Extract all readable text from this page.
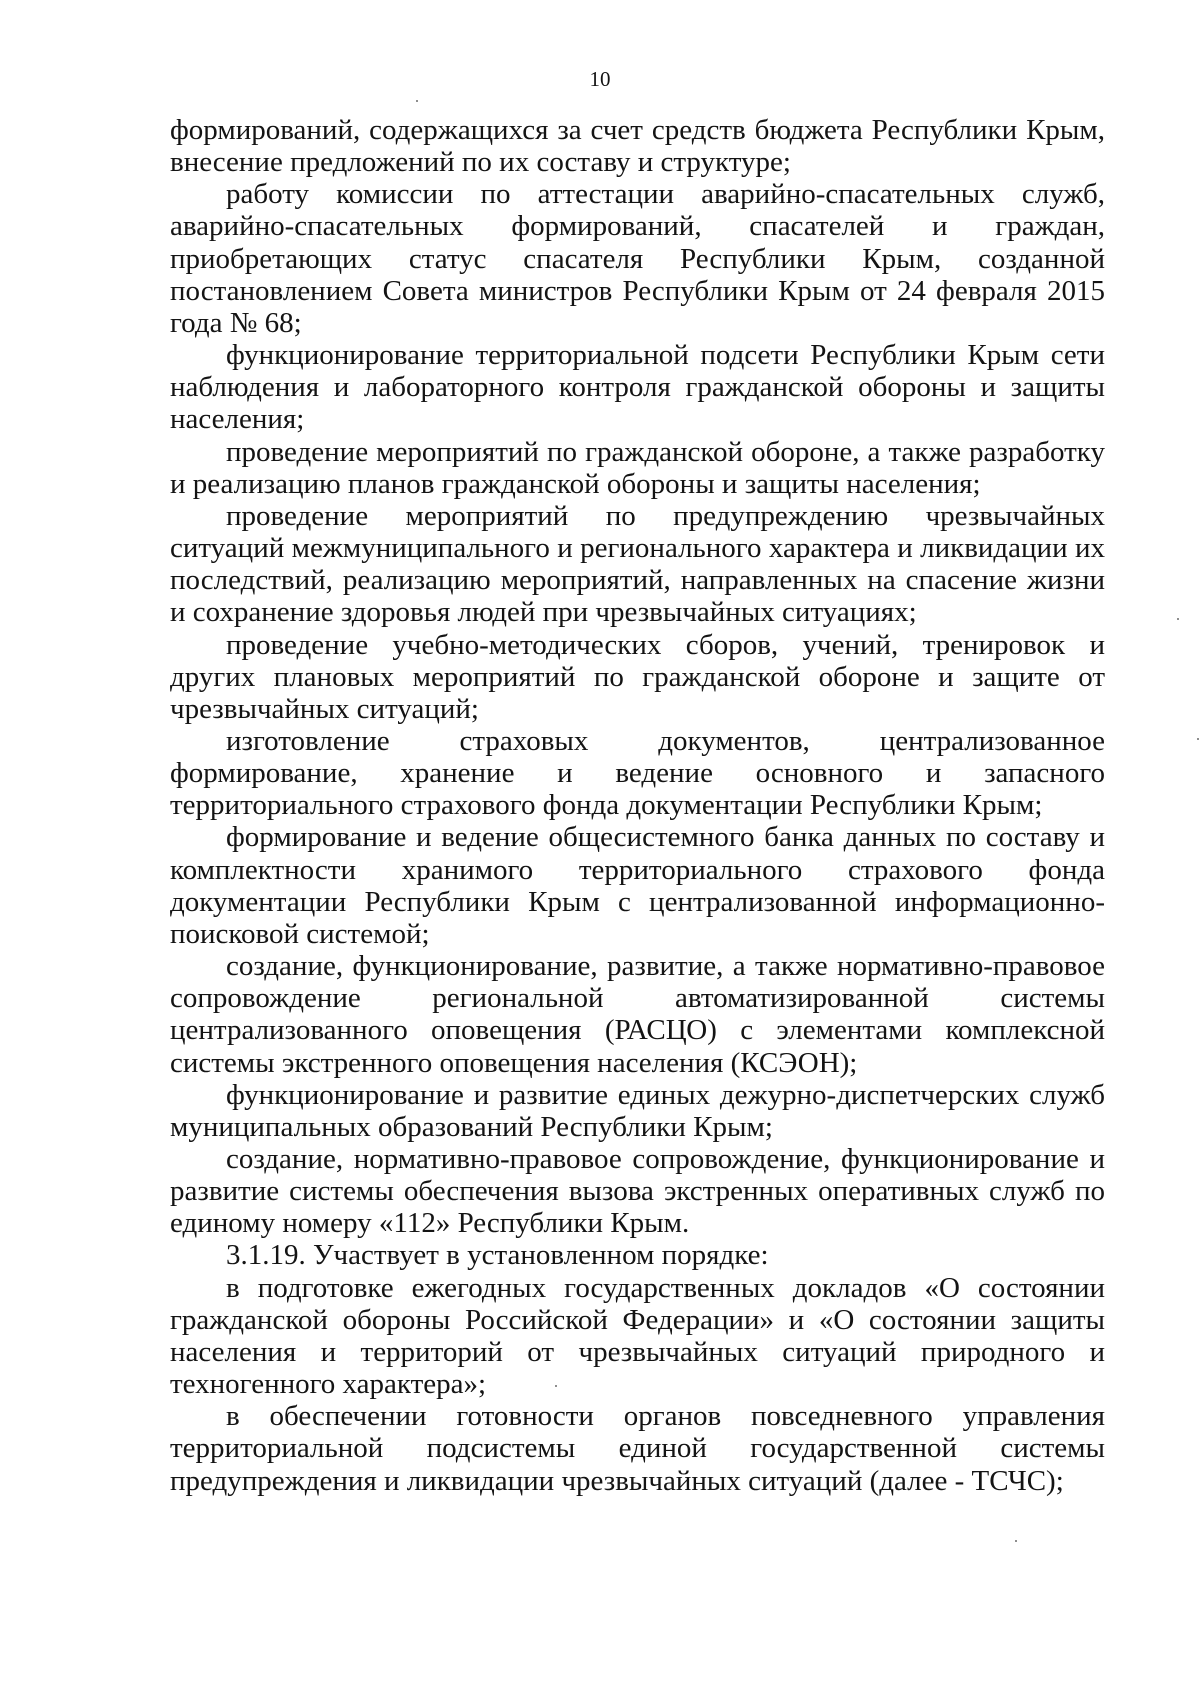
10

формирований, содержащихся за счет средств бюджета Республики Крым, внесение предложений по их составу и структуре;

работу комиссии по аттестации аварийно-спасательных служб, аварийно-спасательных формирований, спасателей и граждан, приобретающих статус спасателя Республики Крым, созданной постановлением Совета министров Республики Крым от 24 февраля 2015 года № 68;

функционирование территориальной подсети Республики Крым сети наблюдения и лабораторного контроля гражданской обороны и защиты населения;

проведение мероприятий по гражданской обороне, а также разработку и реализацию планов гражданской обороны и защиты населения;

проведение мероприятий по предупреждению чрезвычайных ситуаций межмуниципального и регионального характера и ликвидации их последствий, реализацию мероприятий, направленных на спасение жизни и сохранение здоровья людей при чрезвычайных ситуациях;

проведение учебно-методических сборов, учений, тренировок и других плановых мероприятий по гражданской обороне и защите от чрезвычайных ситуаций;

изготовление страховых документов, централизованное формирование, хранение и ведение основного и запасного территориального страхового фонда документации Республики Крым;

формирование и ведение общесистемного банка данных по составу и комплектности хранимого территориального страхового фонда документации Республики Крым с централизованной информационно-поисковой системой;

создание, функционирование, развитие, а также нормативно-правовое сопровождение региональной автоматизированной системы централизованного оповещения (РАСЦО) с элементами комплексной системы экстренного оповещения населения (КСЭОН);

функционирование и развитие единых дежурно-диспетчерских служб муниципальных образований Республики Крым;

создание, нормативно-правовое сопровождение, функционирование и развитие системы обеспечения вызова экстренных оперативных служб по единому номеру «112» Республики Крым.

3.1.19. Участвует в установленном порядке:

в подготовке ежегодных государственных докладов «О состоянии гражданской обороны Российской Федерации» и «О состоянии защиты населения и территорий от чрезвычайных ситуаций природного и техногенного характера»;

в обеспечении готовности органов повседневного управления территориальной подсистемы единой государственной системы предупреждения и ликвидации чрезвычайных ситуаций (далее - ТСЧС);
